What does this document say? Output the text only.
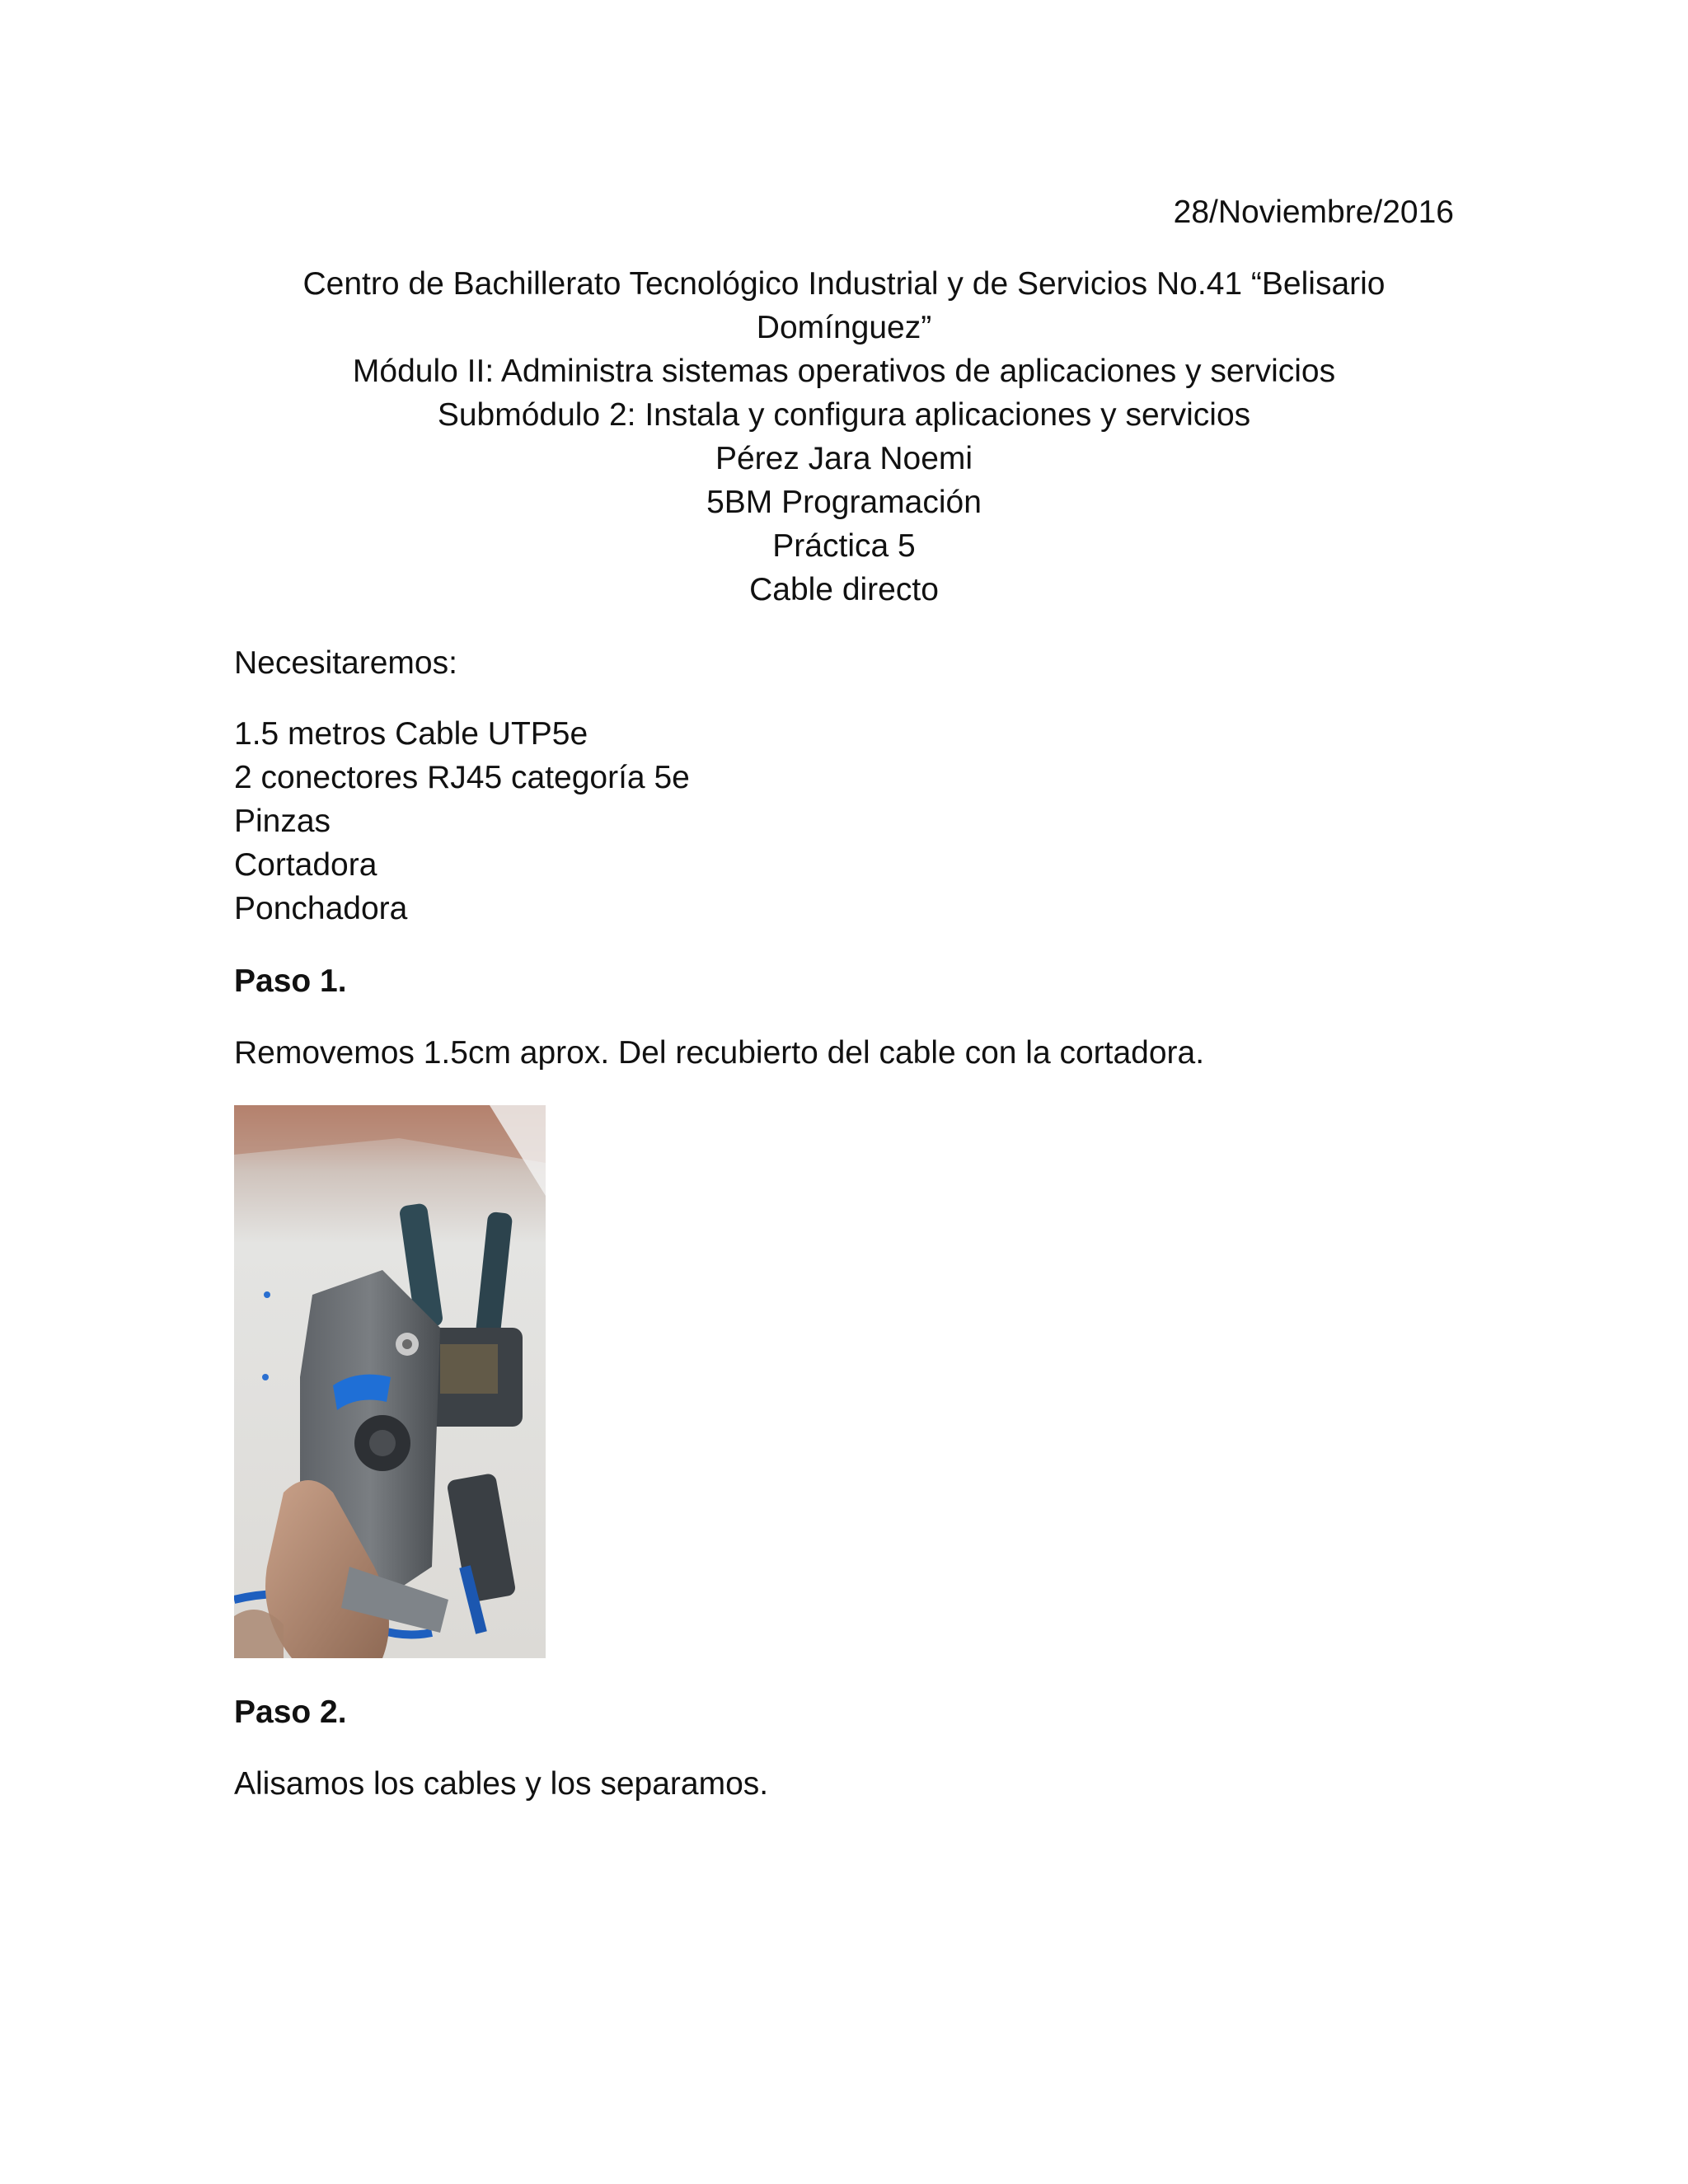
28/Noviembre/2016
Centro de Bachillerato Tecnológico Industrial y de Servicios No.41 “Belisario
Domínguez”
Módulo II: Administra sistemas operativos de aplicaciones y servicios
Submódulo 2: Instala y configura aplicaciones y servicios
Pérez Jara Noemi
5BM Programación
Práctica 5
Cable directo
Necesitaremos:
1.5 metros Cable UTP5e
2 conectores RJ45 categoría 5e
Pinzas
Cortadora
Ponchadora
Paso 1.
Removemos 1.5cm aprox. Del recubierto del cable con la cortadora.
Paso 2.
Alisamos los cables y los separamos.
